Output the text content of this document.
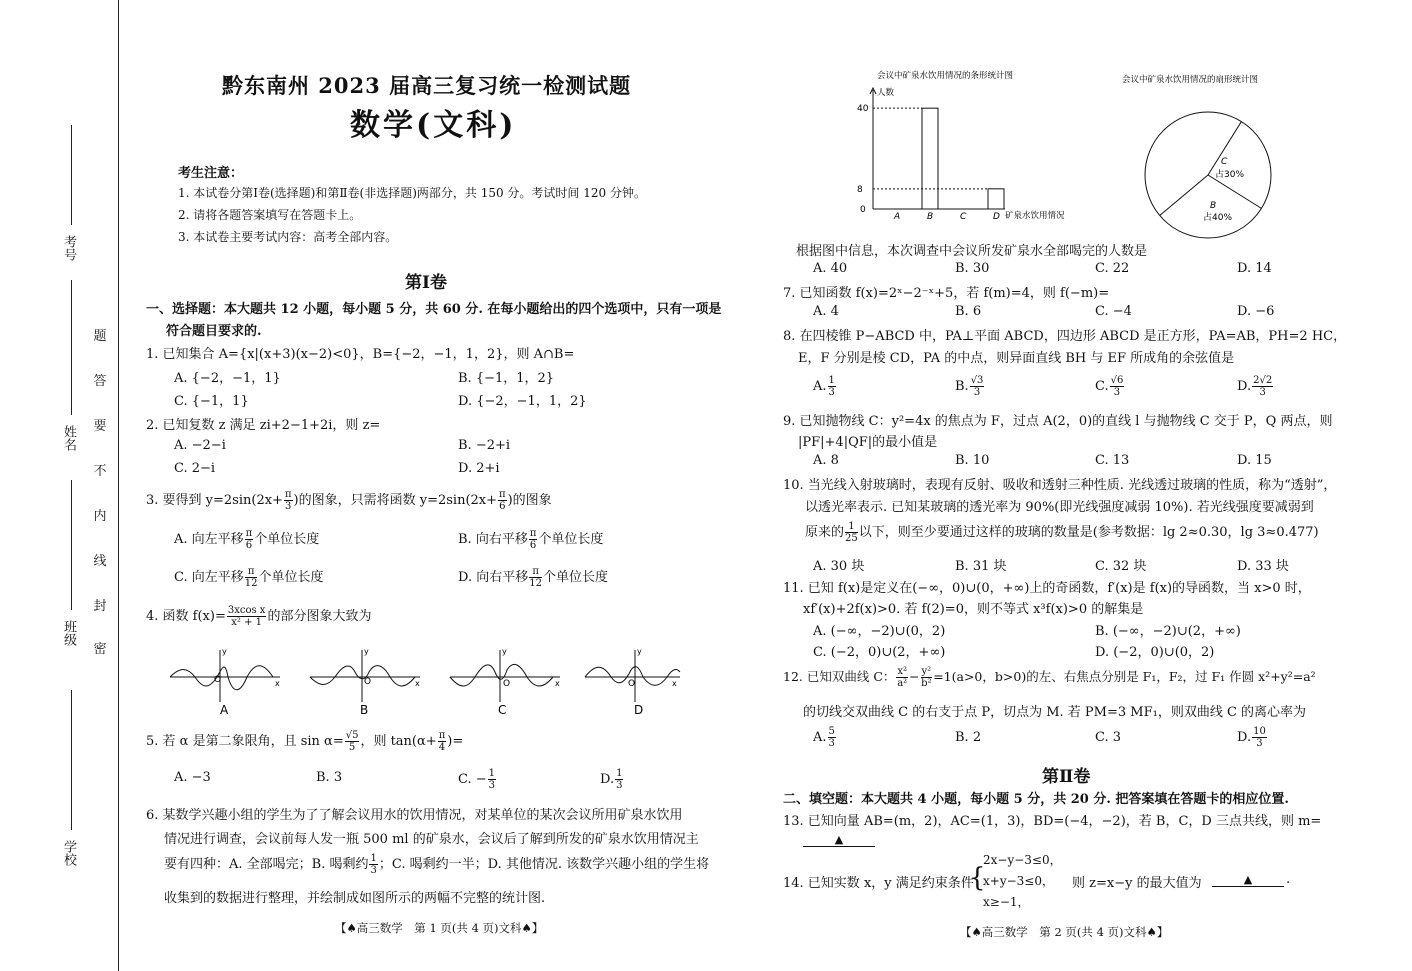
考号
姓名
班级
学校
密
封
线
内
不
要
答
题
黔东南州 2023 届高三复习统一检测试题
数学(文科)
考生注意：
1. 本试卷分第Ⅰ卷(选择题)和第Ⅱ卷(非选择题)两部分，共 150 分。考试时间 120 分钟。
2. 请将各题答案填写在答题卡上。
3. 本试卷主要考试内容：高考全部内容。
第Ⅰ卷
一、选择题：本大题共 12 小题，每小题 5 分，共 60 分. 在每小题给出的四个选项中，只有一项是
符合题目要求的.
1. 已知集合 A={x|(x+3)(x−2)<0}，B={−2，−1，1，2}，则 A∩B=
A. {−2，−1，1}	B. {−1，1，2}
C. {−1，1}	D. {−2，−1，1，2}
2. 已知复数 z 满足 zi+2−1+2i，则 z=
A. −2−i	B. −2+i
C. 2−i	D. 2+i
3. 要得到 $y=2\sin(2x+ \frac{\pi}{3}$ )的图象，只需将函数 $y=2\sin(2x+ \frac{\pi}{6}$ )的图象
A. 向左平移 $\frac{\pi}{6}$ 个单位长度	B. 向右平移 $\frac{\pi}{6}$ 个单位长度
C. 向左平移 $\frac{\pi}{12}$ 个单位长度	D. 向右平移 $\frac{\pi}{12}$ 个单位长度
4. 函数 $f(x)= \frac{\text{3xcos x}}{\text{x² + 1}}$ 的部分图象大致为
O
y
x
A
O
y
x
B
O
y
x
C
O
y
x
D
5. 若 α 是第二象限角，且 $\sin \alpha= \frac{√5}{5}$ ，则 $\tan(\alpha+ \frac{\pi}{4}$ )=
A. −3	B. 3	C. − $\frac{1}{3}$	D. $\frac{1}{3}$
6. 某数学兴趣小组的学生为了了解会议用水的饮用情况，对某单位的某次会议所用矿泉水饮用
情况进行调查，会议前每人发一瓶 500 ml 的矿泉水，会议后了解到所发的矿泉水饮用情况主
要有四种：A. 全部喝完；B. 喝剩约 $\frac{1}{3}$ ；C. 喝剩约一半；D. 其他情况. 该数学兴趣小组的学生将
收集到的数据进行整理，并绘制成如图所示的两幅不完整的统计图.
【♠高三数学　第 1 页(共 4 页)文科♠】
会议中矿泉水饮用情况的条形统计图
人数
0
8
40
A	B	C	D 矿泉水饮用情况
会议中矿泉水饮用情况的扇形统计图
C
占30%
B
占40%
根据图中信息，本次调查中会议所发矿泉水全部喝完的人数是
A. 40	B. 30	C. 22	D. 14
7. 已知函数 f(x)=2ˣ−2⁻ˣ+5，若 f(m)=4，则 f(−m)=
A. 4	B. 6	C. −4	D. −6
8. 在四棱锥 P−ABCD 中，PA⊥平面 ABCD，四边形 ABCD 是正方形，PA=AB，PH=2 HC，
E，F 分别是棱 CD，PA 的中点，则异面直线 BH 与 EF 所成角的余弦值是
A. $\frac{1}{3}$	B. $\frac{√3}{3}$	C. $\frac{√6}{3}$	D. $\frac{2√2}{3}$
9. 已知抛物线 C：y²=4x 的焦点为 F，过点 A(2，0)的直线 l 与抛物线 C 交于 P，Q 两点，则
|PF|+4|QF|的最小值是
A. 8	B. 10	C. 13	D. 15
10. 当光线入射玻璃时，表现有反射、吸收和透射三种性质. 光线透过玻璃的性质，称为“透射”，
以透光率表示. 已知某玻璃的透光率为 90%(即光线强度减弱 10%). 若光线强度要减弱到
原来的 $\frac{1}{25}$ 以下，则至少要通过这样的玻璃的数量是(参考数据：lg 2≈0.30，lg 3≈0.477)
A. 30 块	B. 31 块	C. 32 块	D. 33 块
11. 已知 f(x)是定义在(−∞，0)∪(0，+∞)上的奇函数，f′(x)是 f(x)的导函数，当 x>0 时，
xf′(x)+2f(x)>0. 若 f(2)=0，则不等式 x³f(x)>0 的解集是
A. (−∞，−2)∪(0，2)	B. (−∞，−2)∪(2，+∞)
C. (−2，0)∪(2，+∞)	D. (−2，0)∪(0，2)
12. 已知双曲线 C： $\frac{\text{x²}}{\text{a²}} - \frac{\text{y²}}{\text{b²}} =1(a>0$，b>0)的左、右焦点分别是 F₁，F₂，过 F₁ 作圆 x²+y²=a²
的切线交双曲线 C 的右支于点 P，切点为 M. 若 PM=3 MF₁，则双曲线 C 的离心率为
A. $\frac{5}{3}$	B. 2	C. 3	D. $\frac{10}{3}$
第Ⅱ卷
二、填空题：本大题共 4 小题，每小题 5 分，共 20 分. 把答案填在答题卡的相应位置.
13. 已知向量 AB=(m，2)，AC=(1，3)，BD=(−4，−2)，若 B，C，D 三点共线，则 m=
▲
14. 已知实数 x，y 满足约束条件
{
2x−y−3≤0，
x+y−3≤0，
x≥−1，
则 z=x−y 的最大值为	▲	.
【♠高三数学　第 2 页(共 4 页)文科♠】
